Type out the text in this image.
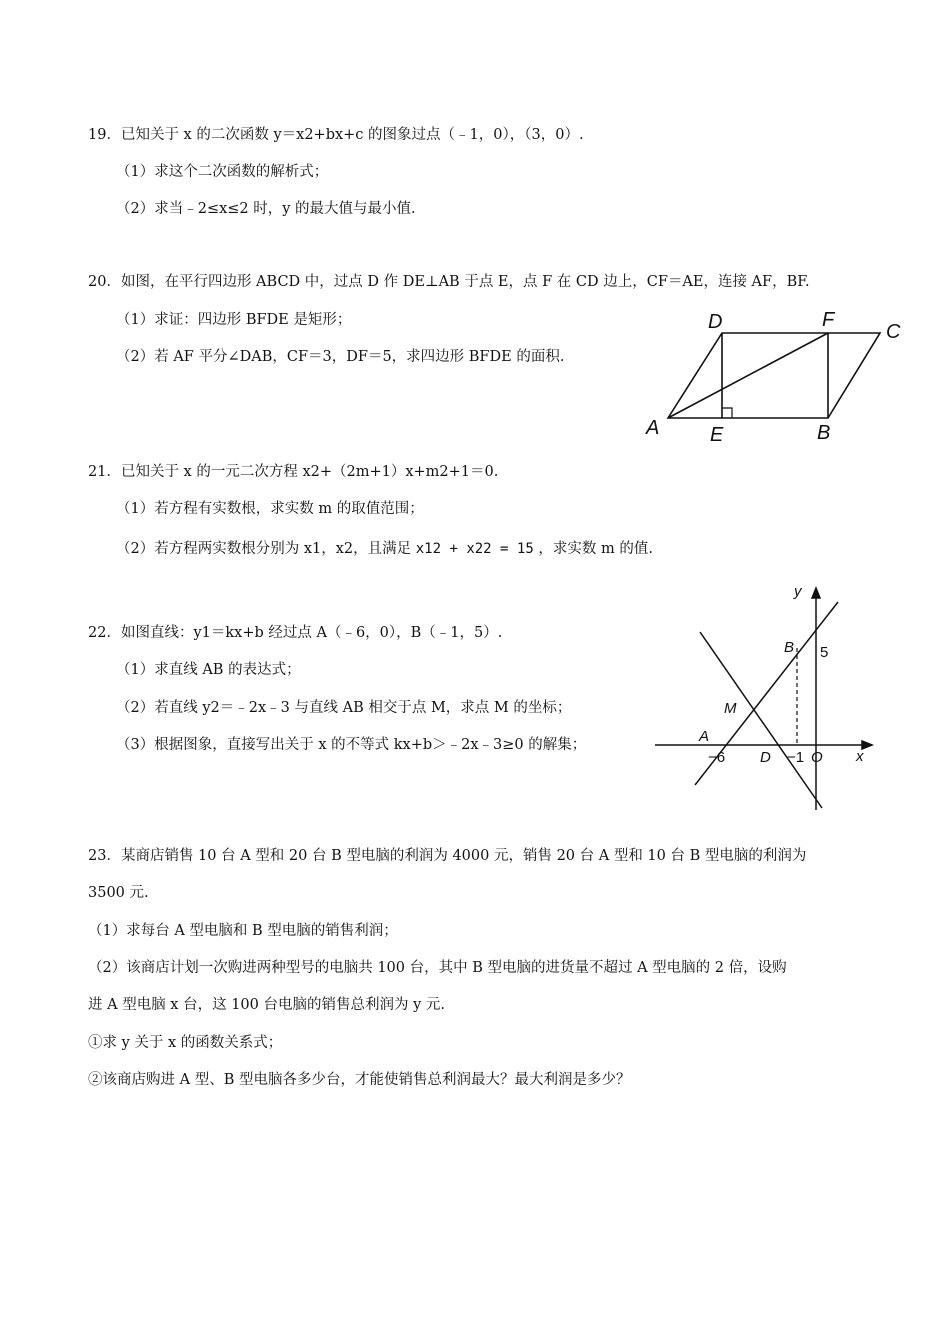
19．已知关于 x 的二次函数 y＝x2+bx+c 的图象过点（﹣1，0），（3，0）.
（1）求这个二次函数的解析式；
（2）求当﹣2≤x≤2 时，y 的最大值与最小值.
20．如图，在平行四边形 ABCD 中，过点 D 作 DE⊥AB 于点 E，点 F 在 CD 边上，CF＝AE，连接 AF，BF.
（1）求证：四边形 BFDE 是矩形；
（2）若 AF 平分∠DAB，CF＝3，DF＝5，求四边形 BFDE 的面积.
D	F
C
A	E	B
21．已知关于 x 的一元二次方程 x2+（2m+1）x+m2+1＝0.
（1）若方程有实数根，求实数 m 的取值范围；
（2）若方程两实数根分别为 x1，x2，且满足 x12 + x22 = 15 ，求实数 m 的值.
22．如图直线：y1＝kx+b 经过点 A（﹣6，0），B（﹣1，5）.
（1）求直线 AB 的表达式；
（2）若直线 y2＝﹣2x﹣3 与直线 AB 相交于点 M，求点 M 的坐标；
（3）根据图象，直接写出关于 x 的不等式 kx+b＞﹣2x﹣3≥0 的解集；
y
x
B 5
M
A
−6 D −1 O
23．某商店销售 10 台 A 型和 20 台 B 型电脑的利润为 4000 元，销售 20 台 A 型和 10 台 B 型电脑的利润为
3500 元.
（1）求每台 A 型电脑和 B 型电脑的销售利润；
（2）该商店计划一次购进两种型号的电脑共 100 台，其中 B 型电脑的进货量不超过 A 型电脑的 2 倍，设购
进 A 型电脑 x 台，这 100 台电脑的销售总利润为 y 元.
①求 y 关于 x 的函数关系式；
②该商店购进 A 型、B 型电脑各多少台，才能使销售总利润最大？最大利润是多少？
